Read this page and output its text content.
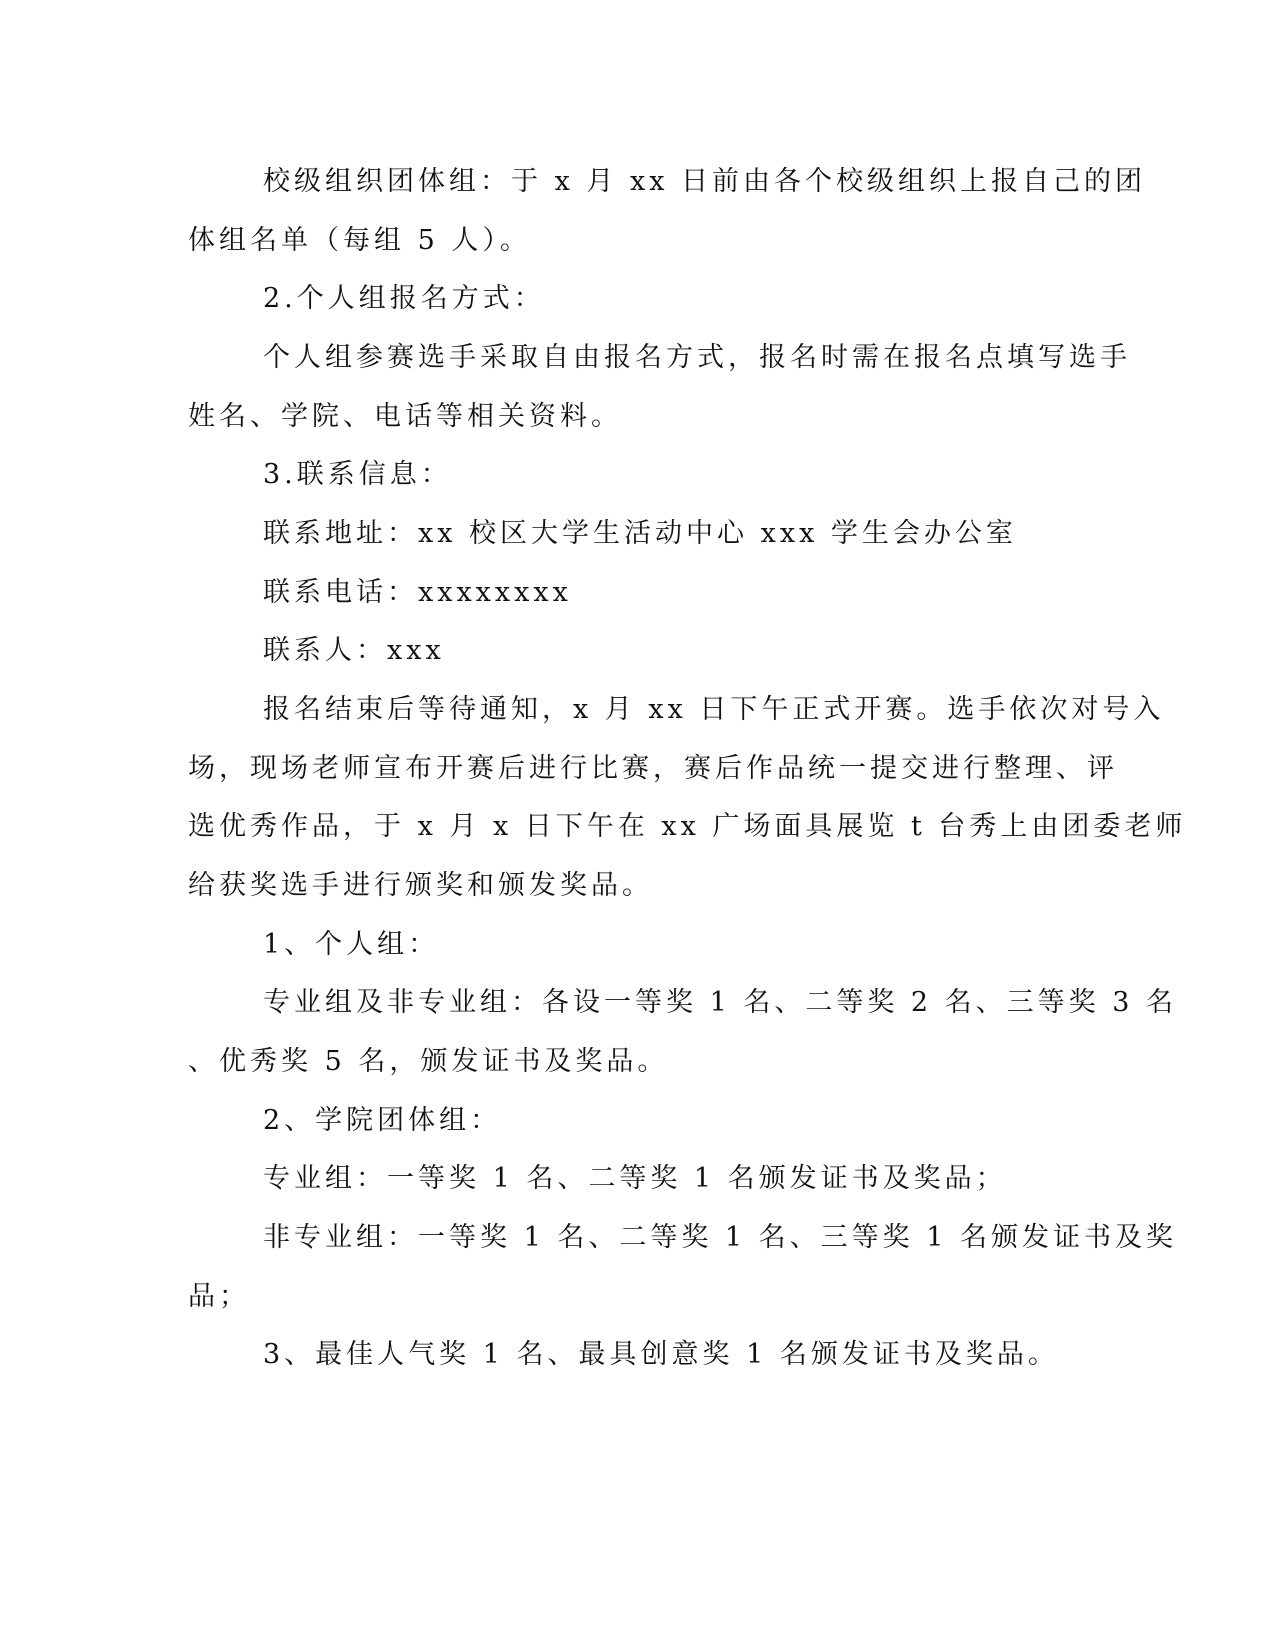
校级组织团体组：于 x 月 xx 日前由各个校级组织上报自己的团
体组名单（每组 5 人）。
2.个人组报名方式：
个人组参赛选手采取自由报名方式，报名时需在报名点填写选手
姓名、学院、电话等相关资料。
3.联系信息：
联系地址：xx 校区大学生活动中心 xxx 学生会办公室
联系电话：xxxxxxxx
联系人：xxx
报名结束后等待通知，x 月 xx 日下午正式开赛。选手依次对号入
场，现场老师宣布开赛后进行比赛，赛后作品统一提交进行整理、评
选优秀作品，于 x 月 x 日下午在 xx 广场面具展览 t 台秀上由团委老师
给获奖选手进行颁奖和颁发奖品。
1、个人组：
专业组及非专业组：各设一等奖 1 名、二等奖 2 名、三等奖 3 名
、优秀奖 5 名，颁发证书及奖品。
2、学院团体组：
专业组：一等奖 1 名、二等奖 1 名颁发证书及奖品；
非专业组：一等奖 1 名、二等奖 1 名、三等奖 1 名颁发证书及奖
品；
3、最佳人气奖 1 名、最具创意奖 1 名颁发证书及奖品。
